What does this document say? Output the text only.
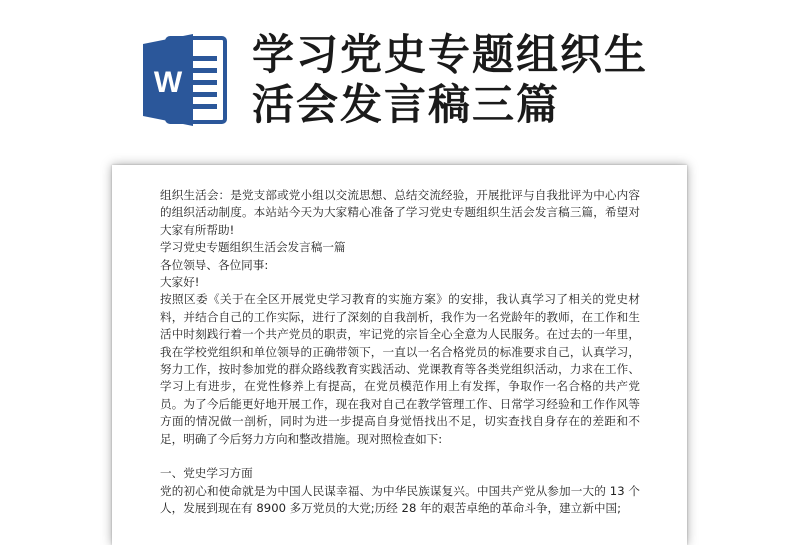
W
学习党史专题组织生
活会发言稿三篇

组织生活会：是党支部或党小组以交流思想、总结交流经验，开展批评与自我批评为中心内容的组织活动制度。本站站今天为大家精心准备了学习党史专题组织生活会发言稿三篇，希望对大家有所帮助!

学习党史专题组织生活会发言稿一篇

各位领导、各位同事:

大家好!

按照区委《关于在全区开展党史学习教育的实施方案》的安排，我认真学习了相关的党史材料，并结合自己的工作实际，进行了深刻的自我剖析，我作为一名党龄年的教师，在工作和生活中时刻践行着一个共产党员的职责，牢记党的宗旨全心全意为人民服务。在过去的一年里，我在学校党组织和单位领导的正确带领下，一直以一名合格党员的标准要求自己，认真学习，努力工作，按时参加党的群众路线教育实践活动、党课教育等各类党组织活动，力求在工作、学习上有进步，在党性修养上有提高，在党员模范作用上有发挥，争取作一名合格的共产党员。为了今后能更好地开展工作，现在我对自己在教学管理工作、日常学习经验和工作作风等方面的情况做一剖析，同时为进一步提高自身觉悟找出不足，切实查找自身存在的差距和不足，明确了今后努力方向和整改措施。现对照检查如下:

一、党史学习方面

党的初心和使命就是为中国人民谋幸福、为中华民族谋复兴。中国共产党从参加一大的 13 个人，发展到现在有 8900 多万党员的大党;历经 28 年的艰苦卓绝的革命斗争，建立新中国;
